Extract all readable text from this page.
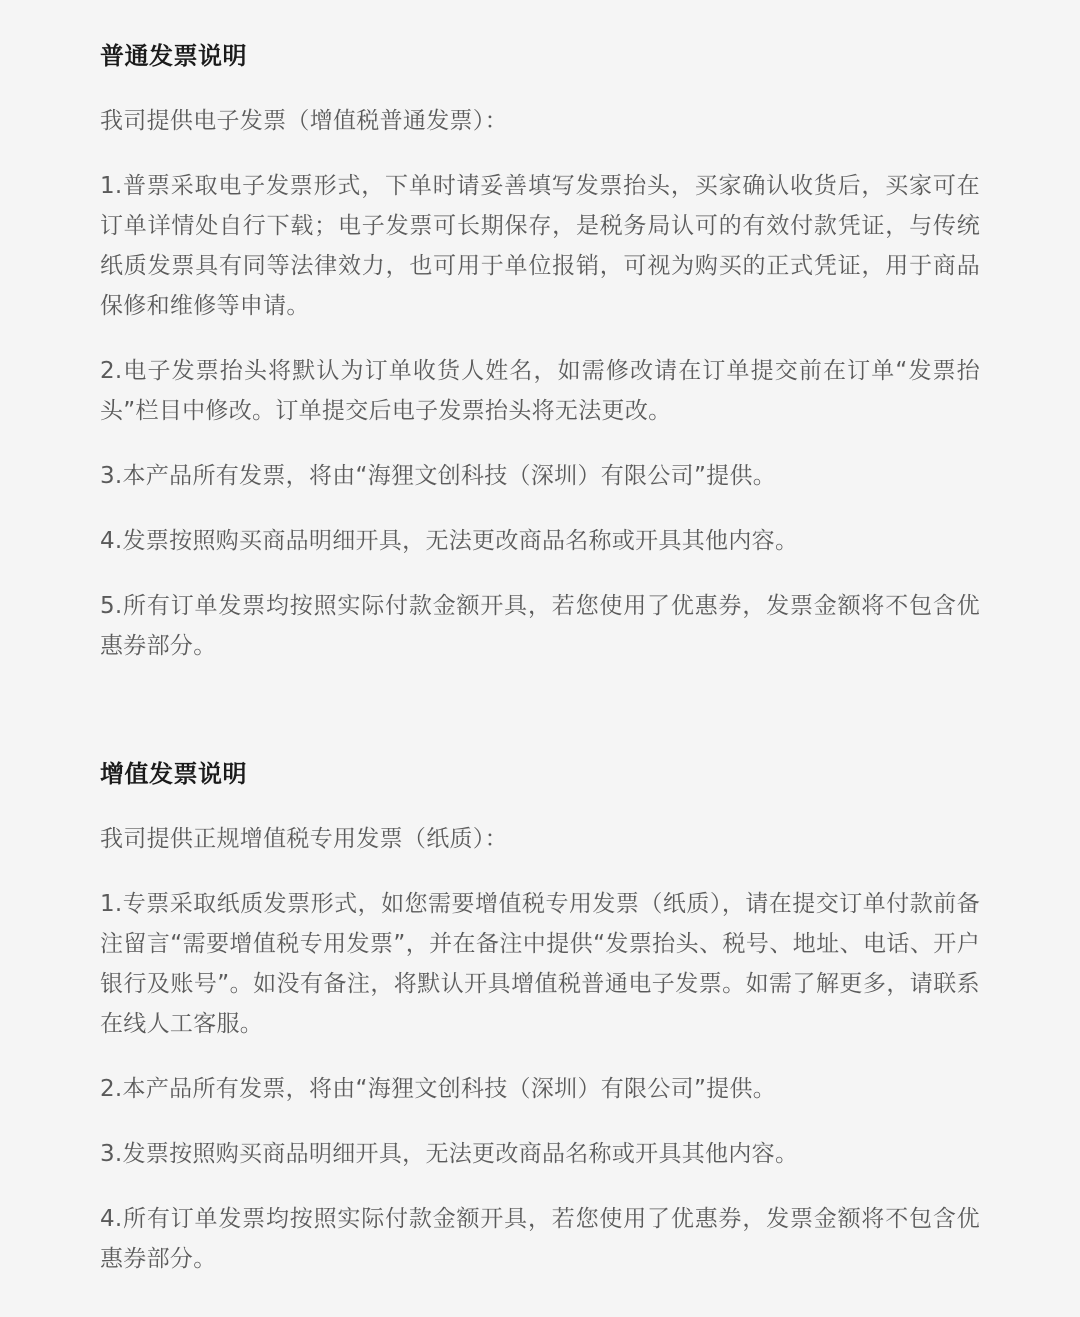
普通发票说明

我司提供电子发票（增值税普通发票）：

1.普票采取电子发票形式，下单时请妥善填写发票抬头，买家确认收货后，买家可在订单详情处自行下载；电子发票可长期保存，是税务局认可的有效付款凭证，与传统纸质发票具有同等法律效力，也可用于单位报销，可视为购买的正式凭证，用于商品保修和维修等申请。

2.电子发票抬头将默认为订单收货人姓名，如需修改请在订单提交前在订单“发票抬头”栏目中修改。订单提交后电子发票抬头将无法更改。

3.本产品所有发票，将由“海狸文创科技（深圳）有限公司”提供。

4.发票按照购买商品明细开具，无法更改商品名称或开具其他内容。

5.所有订单发票均按照实际付款金额开具，若您使用了优惠券，发票金额将不包含优惠券部分。

增值发票说明

我司提供正规增值税专用发票（纸质）：

1.专票采取纸质发票形式，如您需要增值税专用发票（纸质），请在提交订单付款前备注留言“需要增值税专用发票”，并在备注中提供“发票抬头、税号、地址、电话、开户银行及账号”。如没有备注，将默认开具增值税普通电子发票。如需了解更多，请联系在线人工客服。

2.本产品所有发票，将由“海狸文创科技（深圳）有限公司”提供。

3.发票按照购买商品明细开具，无法更改商品名称或开具其他内容。

4.所有订单发票均按照实际付款金额开具，若您使用了优惠券，发票金额将不包含优惠券部分。
